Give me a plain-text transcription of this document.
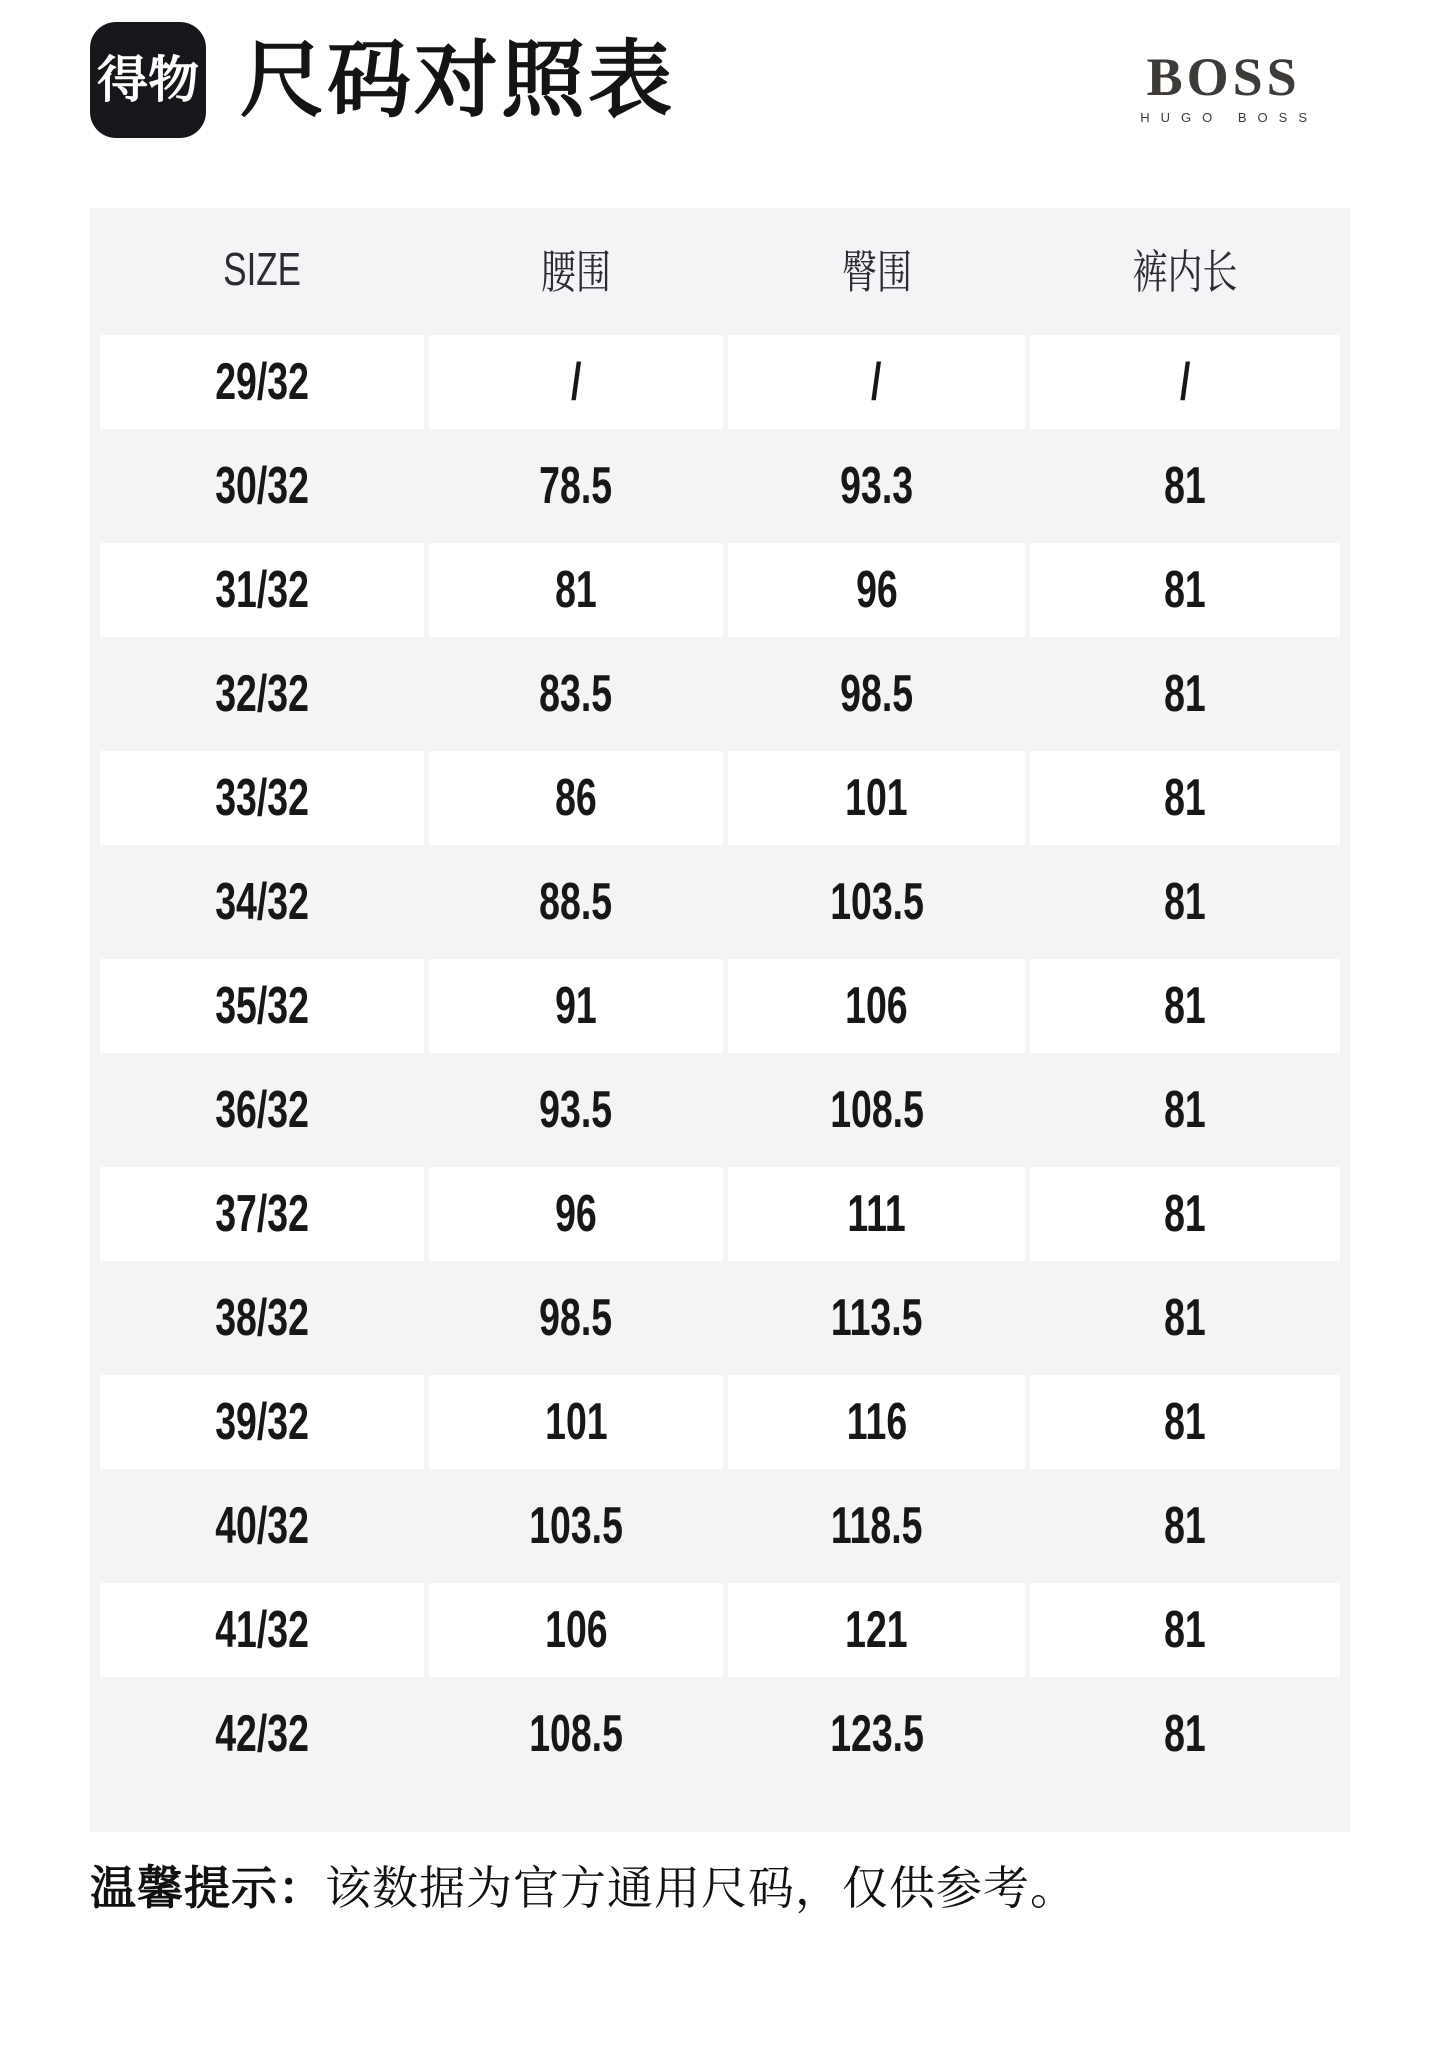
得物 尺码对照表	BOSS
HUGO BOSS
SIZE	腰围	臀围	裤内长
29/32	/	/	/
30/32	78.5	93.3	81
31/32	81	96	81
32/32	83.5	98.5	81
33/32	86	101	81
34/32	88.5	103.5	81
35/32	91	106	81
36/32	93.5	108.5	81
37/32	96	111	81
38/32	98.5	113.5	81
39/32	101	116	81
40/32	103.5	118.5	81
41/32	106	121	81
42/32	108.5	123.5	81

温馨提示：该数据为官方通用尺码，仅供参考。
